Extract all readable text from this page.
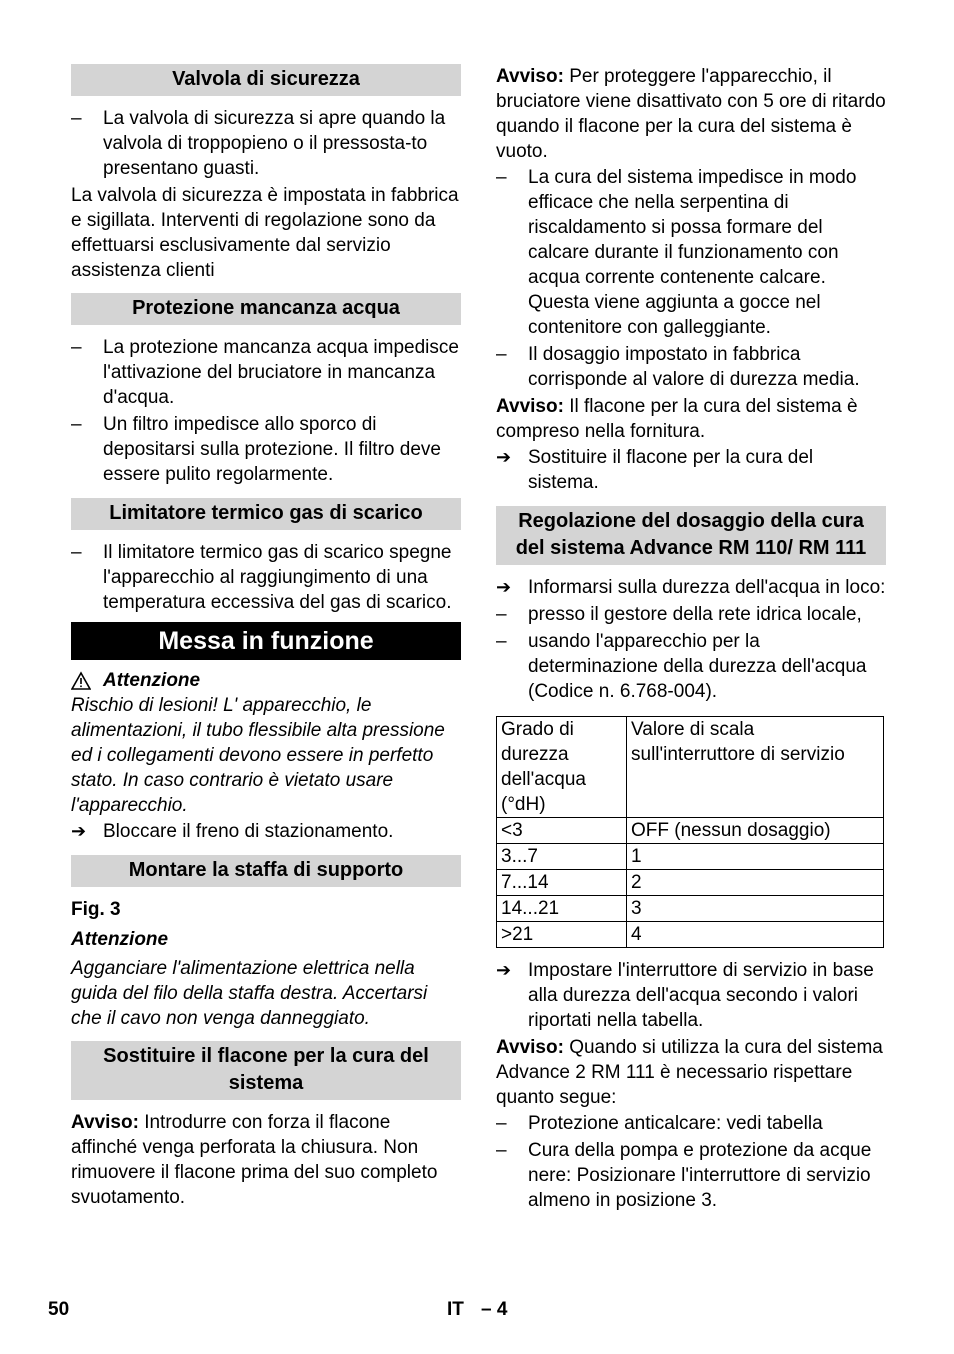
Valvola di sicurezza
–	La valvola di sicurezza si apre quando la valvola di troppopieno o il pressosta-to presentano guasti.

La valvola di sicurezza è impostata in fabbrica e sigillata. Interventi di regolazione sono da effettuarsi esclusivamente dal servizio assistenza clienti

Protezione mancanza acqua
–	La protezione mancanza acqua impedisce l'attivazione del bruciatore in mancanza d'acqua.
–	Un filtro impedisce allo sporco di depositarsi sulla protezione. Il filtro deve essere pulito regolarmente.
Limitatore termico gas di scarico
–	Il limitatore termico gas di scarico spegne l'apparecchio al raggiungimento di una temperatura eccessiva del gas di scarico.
Messa in funzione
Attenzione

Rischio di lesioni! L' apparecchio, le alimentazioni, il tubo flessibile alta pressione ed i collegamenti devono essere in perfetto stato. In caso contrario è vietato usare l'apparecchio.

➔ Bloccare il freno di stazionamento.
Montare la staffa di supporto

Fig. 3

Attenzione

Agganciare l'alimentazione elettrica nella guida del filo della staffa destra. Accertarsi che il cavo non venga danneggiato.

Sostituire il flacone per la cura del sistema

Avviso: Introdurre con forza il flacone affinché venga perforata la chiusura. Non rimuovere il flacone prima del suo completo svuotamento.

Avviso: Per proteggere l'apparecchio, il bruciatore viene disattivato con 5 ore di ritardo quando il flacone per la cura del sistema è vuoto.

–	La cura del sistema impedisce in modo efficace che nella serpentina di riscaldamento si possa formare del calcare durante il funzionamento con acqua corrente contenente calcare. Questa viene aggiunta a gocce nel contenitore con galleggiante.
–	Il dosaggio impostato in fabbrica corrisponde al valore di durezza media.

Avviso: Il flacone per la cura del sistema è compreso nella fornitura.

➔ Sostituire il flacone per la cura del sistema.
Regolazione del dosaggio della cura del sistema Advance RM 110/ RM 111
➔ Informarsi sulla durezza dell'acqua in loco:
–	presso il gestore della rete idrica locale,
–	usando l'apparecchio per la determinazione della durezza dell'acqua (Codice n. 6.768-004).
Grado di durezza dell'acqua (°dH)	Valore di scala sull'interruttore di servizio
<3	OFF (nessun dosaggio)
3...7	1
7...14	2
14...21	3
>21	4
➔ Impostare l'interruttore di servizio in base alla durezza dell'acqua secondo i valori riportati nella tabella.

Avviso: Quando si utilizza la cura del sistema Advance 2 RM 111 è necessario rispettare quanto segue:

–	Protezione anticalcare: vedi tabella
–	Cura della pompa e protezione da acque nere: Posizionare l'interruttore di servizio almeno in posizione 3.
50	IT – 4
